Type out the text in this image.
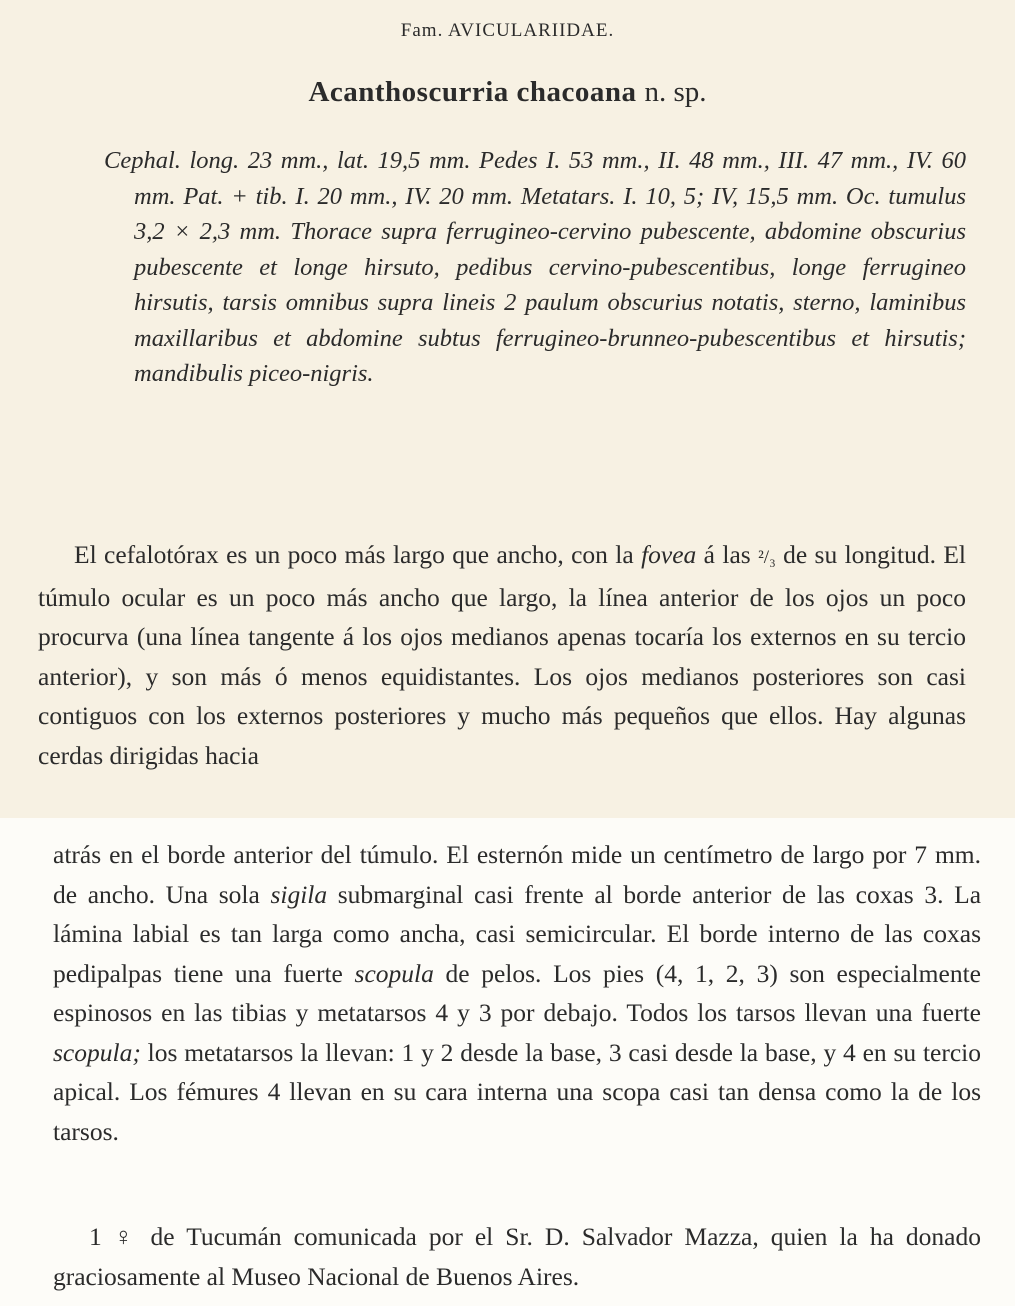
Fam. AVICULARIIDAE.
Acanthoscurria chacoana n. sp.
Cephal. long. 23 mm., lat. 19,5 mm. Pedes I. 53 mm., II. 48 mm., III. 47 mm., IV. 60 mm. Pat. + tib. I. 20 mm., IV. 20 mm. Metatars. I. 10, 5; IV, 15,5 mm. Oc. tumulus 3,2 × 2,3 mm. Thorace supra ferrugineo-cervino pubescente, abdomine obscurius pubescente et longe hirsuto, pedibus cervino-pubescentibus, longe ferrugineo hirsutis, tarsis omnibus supra lineis 2 paulum obscurius notatis, sterno, laminibus maxillaribus et abdomine subtus ferrugineo-brunneo-pubescentibus et hirsutis; mandibulis piceo-nigris.

El cefalotórax es un poco más largo que ancho, con la fovea á las ²/₃ de su longitud. El túmulo ocular es un poco más ancho que largo, la línea anterior de los ojos un poco procurva (una línea tangente á los ojos medianos apenas tocaría los externos en su tercio anterior), y son más ó menos equidistantes. Los ojos medianos posteriores son casi contiguos con los externos posteriores y mucho más pequeños que ellos. Hay algunas cerdas dirigidas hacia

atrás en el borde anterior del túmulo. El esternón mide un centímetro de largo por 7 mm. de ancho. Una sola sigila submarginal casi frente al borde anterior de las coxas 3. La lámina labial es tan larga como ancha, casi semicircular. El borde interno de las coxas pedipalpas tiene una fuerte scopula de pelos. Los pies (4, 1, 2, 3) son especialmente espinosos en las tibias y metatarsos 4 y 3 por debajo. Todos los tarsos llevan una fuerte scopula; los metatarsos la llevan: 1 y 2 desde la base, 3 casi desde la base, y 4 en su tercio apical. Los fémures 4 llevan en su cara interna una scopa casi tan densa como la de los tarsos.

1 ♀ de Tucumán comunicada por el Sr. D. Salvador Mazza, quien la ha donado graciosamente al Museo Nacional de Buenos Aires.
